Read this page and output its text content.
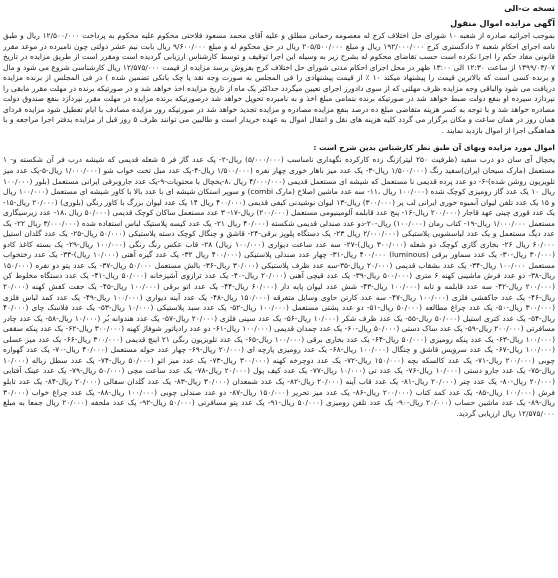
نسخه ت-الی
آگهی مزایده اموال منقول

بموجب اجرائیه صادره از شعبه ۱۰ شورای حل اختلاف کرج له معصومه رحمانی مطلق و علیه آقای محمد مسعود فلاحتی محکوم علیه محکوم به پرداخت ۱۲/۵۰۰/۰۰۰ ریال و طبق نامه اجرای احکام شعبه ۲ دادگستری کرج ۱۹۲/۰۰۰/۰۰۰ ریال و مبلغ ۲۰۵/۵۰۰/۰۰۰ ریال در حق محکوم له و مبلغ ۹/۶۰۰/۰۰۰ ریال بابت نیم عشر دولتی چون نامبرده در موعد مقرر قانونی مفاد حکم را اجرا نکرده است حسب تقاضای محکوم له بشرح زیر به وسیله این اجرا توقیف و توسط کارشناس ارزیابی گردیده است ومقرر است از طریق مزایده در تاریخ ۱۳۹۹/۰۳/۰۷ از ساعت ۱۲:۳۰ الی ۱۳:۰۰ ظهر در محل اجرای احکام مدنی شورای حل اختلاف کرج بفروش برسد مزایده از قیمت ۱۲/۵۷۵/۰۰۰ ریال کارشناسی شروع می شود و مال و برنده کسی است که بالاترین قیمت را پیشنهاد میکند ۱۰ ٪ از قیمت پیشنهادی را فی المجلس به صورت وجه نقد یا چک بانکی تضمین شده ) در فی المجلس از برنده مزایده دریافت می شود والباقی وجه مزایده ظرف مهلتی که از سوی دادورز اجرای تعیین میگردد حداکثر یک ماه از تاریخ مزایده اخذ خواهد شد و در صورتیکه برنده در مهلت مقرر مابقی را نپردازد سپرده او بنفع دولت ضبط خواهد شد در صورتیکه برنده بتمامی مبلغ اخذ و به نامبرده تحویل خواهد شد درصورتیکه برنده مزایده در مهلت مقرر نپردازد بنفع صندوق دولت مصادره خواهد شد و با توجه به کسر هزینه متقاضی مبلغ ده درصد بنفع مزایده مصادره و مزایده تجدید خواهد شد در صورتیکه روز مزایده مصادف با ایام تعطیل شود مزایده فردای همان روز در همان ساعت و مکان برگزار می گردد کلیه هزینه های نقل و انتقال اموال به عهده خریدار است و طالبین می توانند ظرف ۵ روز قبل از مزایده بدفتر اجرا مراجعه و با هماهنگی اجرا از اموال بازدید نمایند .

اموال مورد مزایده وبهای آن طبق نظر کارشناس بدین شرح است :

یخچال آی سان دو درب سفید (ظرفیت ۲۵۰ لیتر)زنگ زده کارکرده نگهداری نامناسب (۵/۰۰۰/۰۰۰) ریال-۲- یک عدد گاز فر ۵ شعله قدیمی که شیشه درب فر آن شکسته و- ۱ مستعمل (مارک سیحان ایران)سفید رنگ (۱/۵۰۰/۰۰۰ ریال-۳- یک عدد میز ناهار خوری چهار نفره (۱/۵۰۰/۰۰۰ ریال-۴-یک عدد مبل تخت خواب شو (۱/۰۰۰/۰۰۰ ریال-۵-یک عدد میز تلویزیون روشن شده)-۶- دو عدد پرده قدیمی نا مستعمل که شیشه ای مستعمل قدیمی (۴/۰۰۰/۰۰۰ ریال ،۸-یخچال با محتویات-۹-یک عدد جاروبرقی ایرانی مستعمل (بلور (۱۰۰/۰۰۰ ریال ۱۰ یک عدد گاز رومیزی کوچک شده (۱۰۰/۰۰۰ ریال ،۱۱- سه عدد ماشین اصلاح (مارک combi) و سوپر استکان شیشه ای با عدد بالا با کاور شیشه ای مستعمل (۱۰۰/۰۰۰ ریال و ۱۵ یک عدد تلفن لیوان آبمیوه خوری ایرانی لب پر (۳۰۰/۰۰۰) ریال-۱۳ لیوان نوشیدنی کیفی قدیمی (۴۰۰/۰۰۰ ریال ۱۴ یک عدد لیوان بزرگ با کاور رنگی (بلوری) (۲۰/۰۰۰ ریال-۱۵-یک عدد قوری چینی عهد قاجار (۲۰۰/۰۰۰ ریال-۱۶- پنج عدد قابلمه آلومینیومی مستعمل (۲۰۰/۰۰۰) ریال-۱۷- ۳ عدد مستعمل ساکان کوچک قدیمی (۵۰/۰۰۰ ریال ،۱۸- عدد زیرسیگاری مستعمل ۱/۰۰۰/۰۰۰ ریال-۱۹- کتاب رمان (۱۰۰/۰۰۰) ریال-۲۰-دو عدد صندلی قدیمی شکسته (۴۰/۰۰۰ ریال ۲۱- یک عدد کیسه پلاستیک لباس استفاده شده (۳/۰۰۰/۰۰۰ ریال ۲۲- یک عدد دیگ مستعمل و یک عدد لباسشویی پلاستیکی (۲/۰۰۰/۰۰۰ ریال ۲۳- یک دستگاه پلوپز برقی-۲۴- قاشق و چنگال کوچک دسته پلاستیکی (۵۰/۰۰۰ ریال-۲۵- یک عدد گلدان استیل ۶۰/۰۰۰ ریال ۲۶- بخاری گازی کوچک دو شعله (۳۰۰/۰۰۰ ریال)-۲۷- سه عدد ساعت دیواری (۱۰۰/۰۰۰ ریال) ۲۸- قاب عکس رنگ رنگی (۱۰۰/۰۰۰ ریال-۲۹- یک بسته کاغذ کادو (۳۰/۰۰۰ ریال-۳۰- یک عدد سماور برقی (luminous) ۴۰۰/۰۰۰ ریال-۳۱- چهار عدد صندلی پلاستیکی (۴۰۰/۰۰۰ ریال ۳۲- یک عدد گیره آهنی (۱۰/۰۰۰ ریال)-۳۳- یک عدد رختخواب مستعمل ۱۰۰/۰۰۰ ریال-۳۴- یک عدد بشقاب قدیمی (۲۰/۰۰۰ ریال-۳۵-سه عدد ظرف پلاستیکی (۳۰/۰۰۰ ریال-۳۶- بالش مستعمل ۵۰/۰۰۰ ریال-۳۷- یک عدد پتو دو نفره (۱۵۰/۰۰۰ ریال-۳۸- دو عدد فرش ماشینی کهنه ۶ متری (۵۰۰/۰۰۰ ریال-۳۹- یک عدد قیچی آهنی (۲۰/۰۰۰ ریال-۴۰- یک عدد ترازوی آشپزخانه (۵۰/۰۰۰ ریال-۴۱- یک عدد دستگاه مخلوط کن (۲۰۰/۰۰۰ ریال-۴۲- سه عدد قابلمه و تابه (۱۰۰/۰۰۰ ریال-۴۳- شش عدد لیوان پایه دار (۶۰/۰۰۰ ریال-۴۴- یک عدد اتو برقی (۱۰۰/۰۰۰ ریال-۴۵- یک جفت کفش کهنه (۲۰/۰۰۰ ریال-۴۶- یک عدد جاکفشی فلزی (۱۰۰/۰۰۰ ریال-۴۷- سه عدد کارتن حاوی وسایل متفرقه (۱۵۰/۰۰۰ ریال-۴۸- یک عدد آینه دیواری (۱۰۰/۰۰۰ ریال-۴۹- یک عدد کمد لباس فلزی (۳۰۰/۰۰۰ ریال-۵۰- یک عدد چراغ مطالعه (۵۰/۰۰۰ ریال-۵۱- دو عدد پشتی مستعمل (۱۰۰/۰۰۰ ریال-۵۲- یک عدد سبد پلاستیکی (۱۰/۰۰۰ ریال-۵۳- یک عدد فلاسک چای (۴۰/۰۰۰ ریال-۵۴- یک عدد کتری استیل (۵۰/۰۰۰ ریال-۵۵- یک عدد ظرف شکر (۱۰/۰۰۰ ریال-۵۶- یک عدد سینی فلزی (۲۰/۰۰۰ ریال-۵۷- یک عدد هندوانه بُر (۱۰/۰۰۰ ریال-۵۸- یک عدد چادر مسافرتی (۲۰۰/۰۰۰ ریال-۵۹- یک عدد ساک دستی (۵۰/۰۰۰ ریال-۶۰- یک عدد چمدان قدیمی (۱۰۰/۰۰۰ ریال-۶۱- دو عدد رادیاتور شوفاژ کهنه (۳۰۰/۰۰۰ ریال-۶۲- یک عدد پنکه سقفی (۱۰۰/۰۰۰ ریال-۶۳- یک عدد پنکه رومیزی (۵۰/۰۰۰ ریال-۶۴- یک عدد بخاری برقی (۱۰۰/۰۰۰ ریال-۶۵- یک عدد تلویزیون رنگی ۲۱ اینچ قدیمی (۳۰۰/۰۰۰ ریال-۶۶- یک عدد میز عسلی (۱۰۰/۰۰۰ ریال-۶۷- یک عدد سرویس قاشق و چنگال (۱۰۰/۰۰۰ ریال-۶۸- یک عدد رومیزی پارچه ای (۲۰/۰۰۰ ریال-۶۹- چهار عدد حوله مستعمل (۴۰/۰۰۰ ریال-۷۰- یک عدد گهواره چوبی (۲۰۰/۰۰۰ ریال-۷۱- یک عدد کالسکه بچه (۱۵۰/۰۰۰ ریال-۷۲- یک عدد دوچرخه کهنه (۳۰۰/۰۰۰ ریال-۷۳- یک عدد میز اتو (۵۰/۰۰۰ ریال-۷۴- یک عدد سطل زباله (۱۰/۰۰۰ ریال-۷۵- یک عدد جارو دستی (۱۰/۰۰۰ ریال-۷۶- یک عدد تی (۱۰/۰۰۰ ریال-۷۷- یک عدد کیف پول (۲۰/۰۰۰ ریال-۷۸- یک عدد ساعت مچی (۵۰/۰۰۰ ریال-۷۹- یک عدد عینک آفتابی (۲۰/۰۰۰ ریال-۸۰- یک عدد چتر (۲۰/۰۰۰ ریال-۸۱- یک عدد قاب آینه (۲۰/۰۰۰ ریال-۸۲- یک عدد شمعدان (۳۰/۰۰۰ ریال-۸۳- یک عدد گلدان سفالی (۲۰/۰۰۰ ریال-۸۴- یک عدد تابلو فرش (۱۰۰/۰۰۰ ریال-۸۵- یک عدد کمد کتاب (۲۰۰/۰۰۰ ریال-۸۶- یک عدد میز تحریر (۱۵۰/۰۰۰ ریال-۸۷- دو عدد صندلی چوبی (۱۰۰/۰۰۰ ریال-۸۸- یک عدد چراغ خواب (۳۰/۰۰۰ ریال-۸۹- یک عدد ماشین حساب (۲۰/۰۰۰ ریال-۹۰- یک عدد تلفن رومیزی (۵۰/۰۰۰ ریال-۹۱- یک عدد پتو مسافرتی (۵۰/۰۰۰ ریال-۹۲- یک عدد ملحفه (۲۰/۰۰۰ ریال جمعا به مبلغ ۱۲/۵۷۵/۰۰۰ ریال ارزیابی گردید.
